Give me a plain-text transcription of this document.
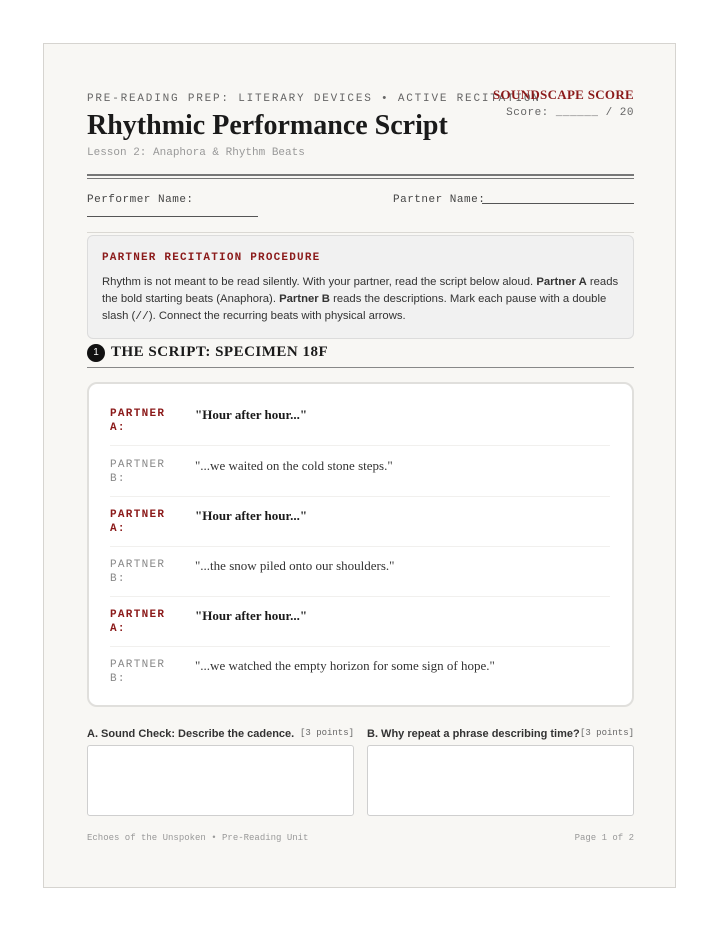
PRE-READING PREP: LITERARY DEVICES • ACTIVE RECITATION
SOUNDSCAPE SCORE
Score: ______ / 20
Rhythmic Performance Script
Lesson 2: Anaphora & Rhythm Beats
Performer Name:	Partner Name:
PARTNER RECITATION PROCEDURE

Rhythm is not meant to be read silently. With your partner, read the script below aloud. Partner A reads the bold starting beats (Anaphora). Partner B reads the descriptions. Mark each pause with a double slash (//). Connect the recurring beats with physical arrows.

1 THE SCRIPT: SPECIMEN 18F
PARTNER A:
"Hour after hour..."
PARTNER B:
"...we waited on the cold stone steps."
PARTNER A:
"Hour after hour..."
PARTNER B:
"...the snow piled onto our shoulders."
PARTNER A:
"Hour after hour..."
PARTNER B:
"...we watched the empty horizon for some sign of hope."
A. Sound Check: Describe the cadence. [3 points] B. Why repeat a phrase describing time? [3 points]
Echoes of the Unspoken • Pre-Reading Unit	Page 1 of 2
